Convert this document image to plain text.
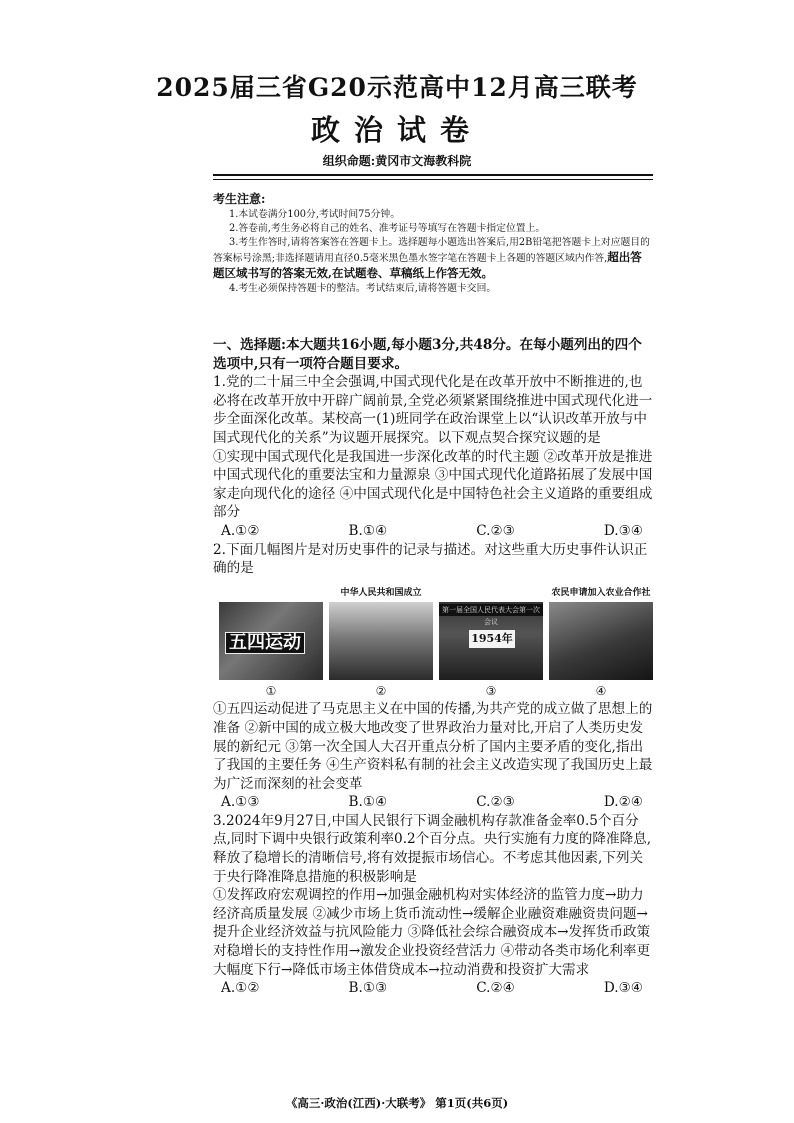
2025届三省G20示范高中12月高三联考
政治试卷
组织命题:黄冈市文海教科院
考生注意:
1.本试卷满分100分,考试时间75分钟。
2.答卷前,考生务必将自己的姓名、准考证号等填写在答题卡指定位置上。
3.考生作答时,请将答案答在答题卡上。选择题每小题选出答案后,用2B铅笔把答题卡上对应题目的答案标号涂黑;非选择题请用直径0.5毫米黑色墨水签字笔在答题卡上各题的答题区域内作答,超出答题区域书写的答案无效,在试题卷、草稿纸上作答无效。
4.考生必须保持答题卡的整洁。考试结束后,请将答题卡交回。
一、选择题:本大题共16小题,每小题3分,共48分。在每小题列出的四个选项中,只有一项符合题目要求。
1.党的二十届三中全会强调,中国式现代化是在改革开放中不断推进的,也必将在改革开放中开辟广阔前景,全党必须紧紧围绕推进中国式现代化进一步全面深化改革。某校高一(1)班同学在政治课堂上以“认识改革开放与中国式现代化的关系”为议题开展探究。以下观点契合探究议题的是
①实现中国式现代化是我国进一步深化改革的时代主题 ②改革开放是推进中国式现代化的重要法宝和力量源泉 ③中国式现代化道路拓展了发展中国家走向现代化的途径 ④中国式现代化是中国特色社会主义道路的重要组成部分
A.①②	B.①④	C.②③	D.③④
2.下面几幅图片是对历史事件的记录与描述。对这些重大历史事件认识正确的是
五四运动
①
中华人民共和国成立
②
第一届全国人民代表大会第一次会议
1954年
③
农民申请加入农业合作社
④
①五四运动促进了马克思主义在中国的传播,为共产党的成立做了思想上的准备 ②新中国的成立极大地改变了世界政治力量对比,开启了人类历史发展的新纪元 ③第一次全国人大召开重点分析了国内主要矛盾的变化,指出了我国的主要任务 ④生产资料私有制的社会主义改造实现了我国历史上最为广泛而深刻的社会变革
A.①③	B.①④	C.②③	D.②④
3.2024年9月27日,中国人民银行下调金融机构存款准备金率0.5个百分点,同时下调中央银行政策利率0.2个百分点。央行实施有力度的降准降息,释放了稳增长的清晰信号,将有效提振市场信心。不考虑其他因素,下列关于央行降准降息措施的积极影响是
①发挥政府宏观调控的作用→加强金融机构对实体经济的监管力度→助力经济高质量发展 ②减少市场上货币流动性→缓解企业融资难融资贵问题→提升企业经济效益与抗风险能力 ③降低社会综合融资成本→发挥货币政策对稳增长的支持性作用→激发企业投资经营活力 ④带动各类市场化利率更大幅度下行→降低市场主体借贷成本→拉动消费和投资扩大需求
A.①②	B.①③	C.②④	D.③④
《高三·政治(江西)·大联考》 第1页(共6页)
